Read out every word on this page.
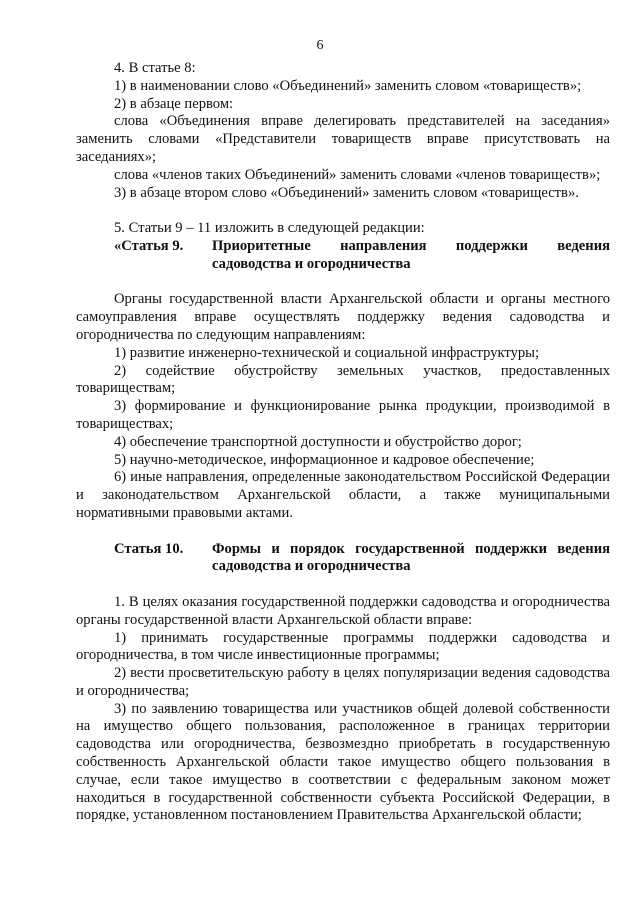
6

4. В статье 8:

1) в наименовании слово «Объединений» заменить словом «товариществ»;

2) в абзаце первом:

слова «Объединения вправе делегировать представителей на заседания» заменить словами «Представители товариществ вправе присутствовать на заседаниях»;

слова «членов таких Объединений» заменить словами «членов товариществ»;

3) в абзаце втором слово «Объединений» заменить словом «товариществ».

5. Статьи 9 – 11 изложить в следующей редакции:

«Статья 9.	Приоритетные направления поддержки ведения садоводства и огородничества

Органы государственной власти Архангельской области и органы местного самоуправления вправе осуществлять поддержку ведения садоводства и огородничества по следующим направлениям:

1) развитие инженерно-технической и социальной инфраструктуры;

2) содействие обустройству земельных участков, предоставленных товариществам;

3) формирование и функционирование рынка продукции, производимой в товариществах;

4) обеспечение транспортной доступности и обустройство дорог;

5) научно-методическое, информационное и кадровое обеспечение;

6) иные направления, определенные законодательством Российской Федерации и законодательством Архангельской области, а также муниципальными нормативными правовыми актами.

Статья 10.	Формы и порядок государственной поддержки ведения садоводства и огородничества

1. В целях оказания государственной поддержки садоводства и огородничества органы государственной власти Архангельской области вправе:

1) принимать государственные программы поддержки садоводства и огородничества, в том числе инвестиционные программы;

2) вести просветительскую работу в целях популяризации ведения садоводства и огородничества;

3) по заявлению товарищества или участников общей долевой собственности на имущество общего пользования, расположенное в границах территории садоводства или огородничества, безвозмездно приобретать в государственную собственность Архангельской области такое имущество общего пользования в случае, если такое имущество в соответствии с федеральным законом может находиться в государственной собственности субъекта Российской Федерации, в порядке, установленном постановлением Правительства Архангельской области;
